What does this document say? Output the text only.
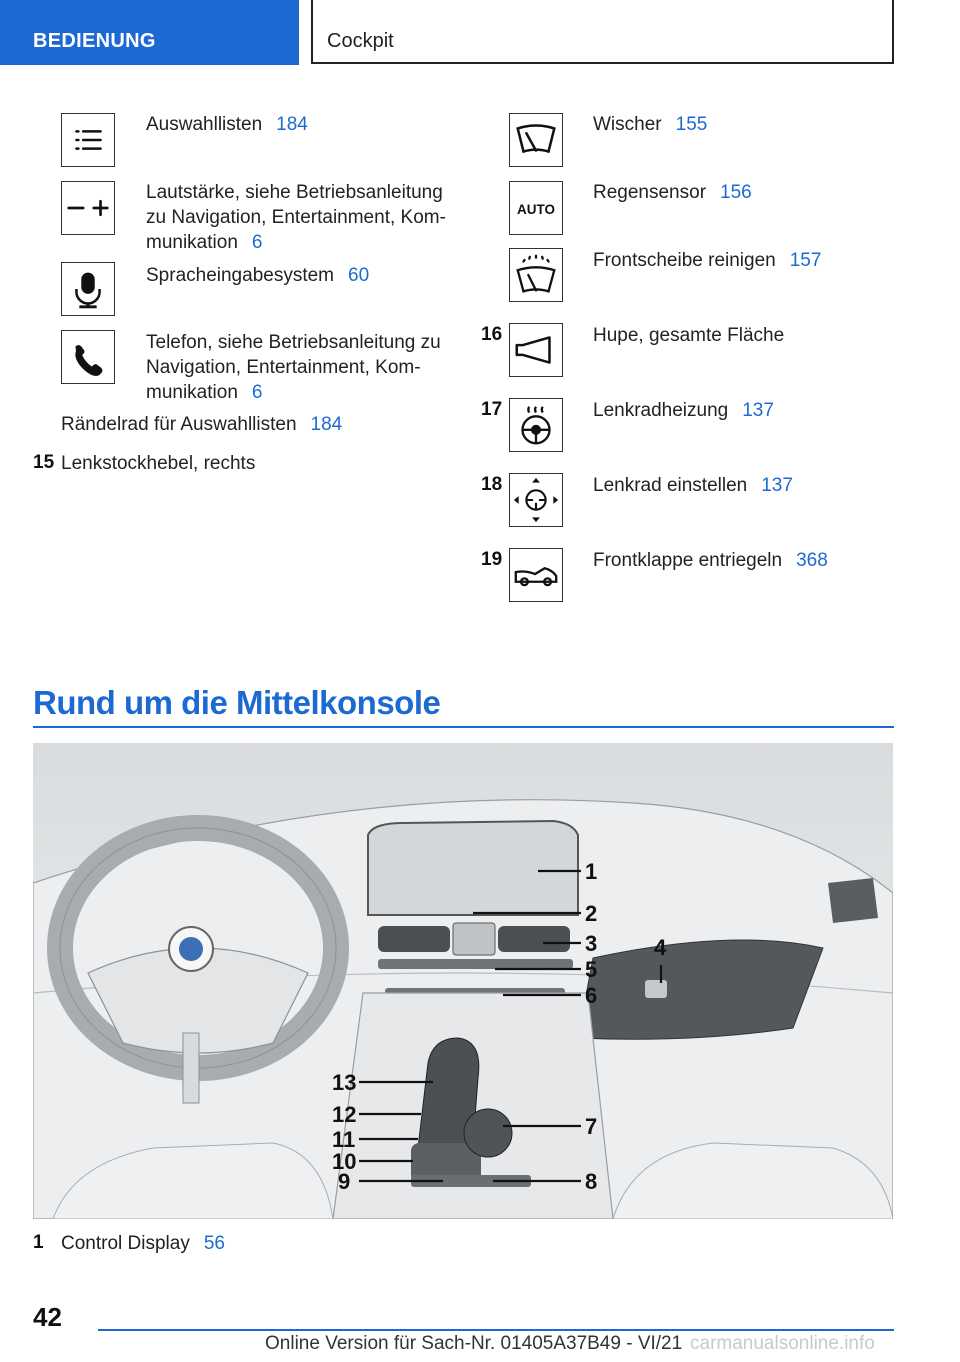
BEDIENUNG	Cockpit
Auswahllisten 184
Lautstärke, siehe Betriebsanleitung
zu Navigation, Entertainment, Kom-
munikation 6
Spracheingabesystem 60
Telefon, siehe Betriebsanleitung zu
Navigation, Entertainment, Kom-
munikation 6
Rändelrad für Auswahllisten 184
15 Lenkstockhebel, rechts
Wischer 155
AUTO
Regensensor 156
Frontscheibe reinigen 157
16	Hupe, gesamte Fläche
17	Lenkradheizung 137
18	Lenkrad einstellen 137
19	Frontklappe entriegeln 368
Rund um die Mittelkonsole
1
2
3	4
5
6
7
8
9
10
11
12
13
1 Control Display 56
42
Online Version für Sach-Nr. 01405A37B49 - VI/21 carmanualsonline.info
